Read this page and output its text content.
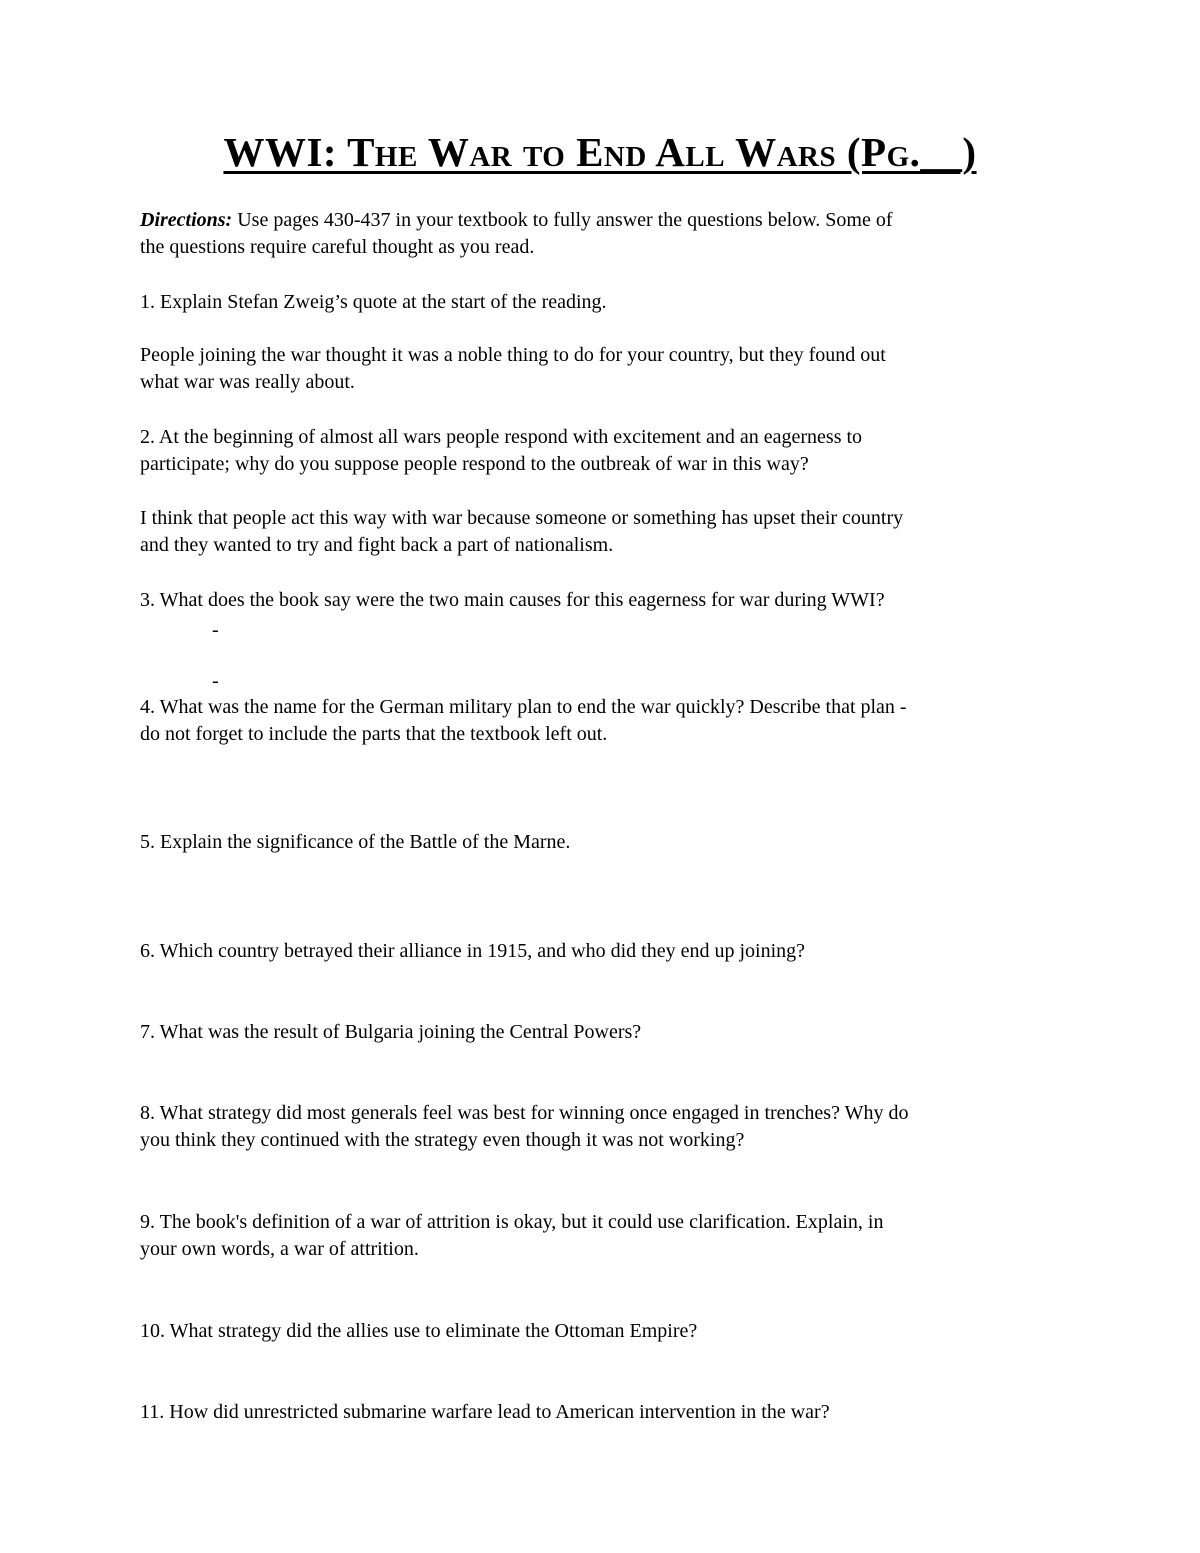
WWI: The War to End All Wars (Pg.__)
Directions: Use pages 430-437 in your textbook to fully answer the questions below. Some of
the questions require careful thought as you read.
1. Explain Stefan Zweig’s quote at the start of the reading.
People joining the war thought it was a noble thing to do for your country, but they found out
what war was really about.
2. At the beginning of almost all wars people respond with excitement and an eagerness to
participate; why do you suppose people respond to the outbreak of war in this way?
I think that people act this way with war because someone or something has upset their country
and they wanted to try and fight back a part of nationalism.
3. What does the book say were the two main causes for this eagerness for war during WWI?
-
-
4. What was the name for the German military plan to end the war quickly? Describe that plan -
do not forget to include the parts that the textbook left out.
5. Explain the significance of the Battle of the Marne.
6. Which country betrayed their alliance in 1915, and who did they end up joining?
7. What was the result of Bulgaria joining the Central Powers?
8. What strategy did most generals feel was best for winning once engaged in trenches? Why do
you think they continued with the strategy even though it was not working?
9. The book's definition of a war of attrition is okay, but it could use clarification. Explain, in
your own words, a war of attrition.
10. What strategy did the allies use to eliminate the Ottoman Empire?
11. How did unrestricted submarine warfare lead to American intervention in the war?
